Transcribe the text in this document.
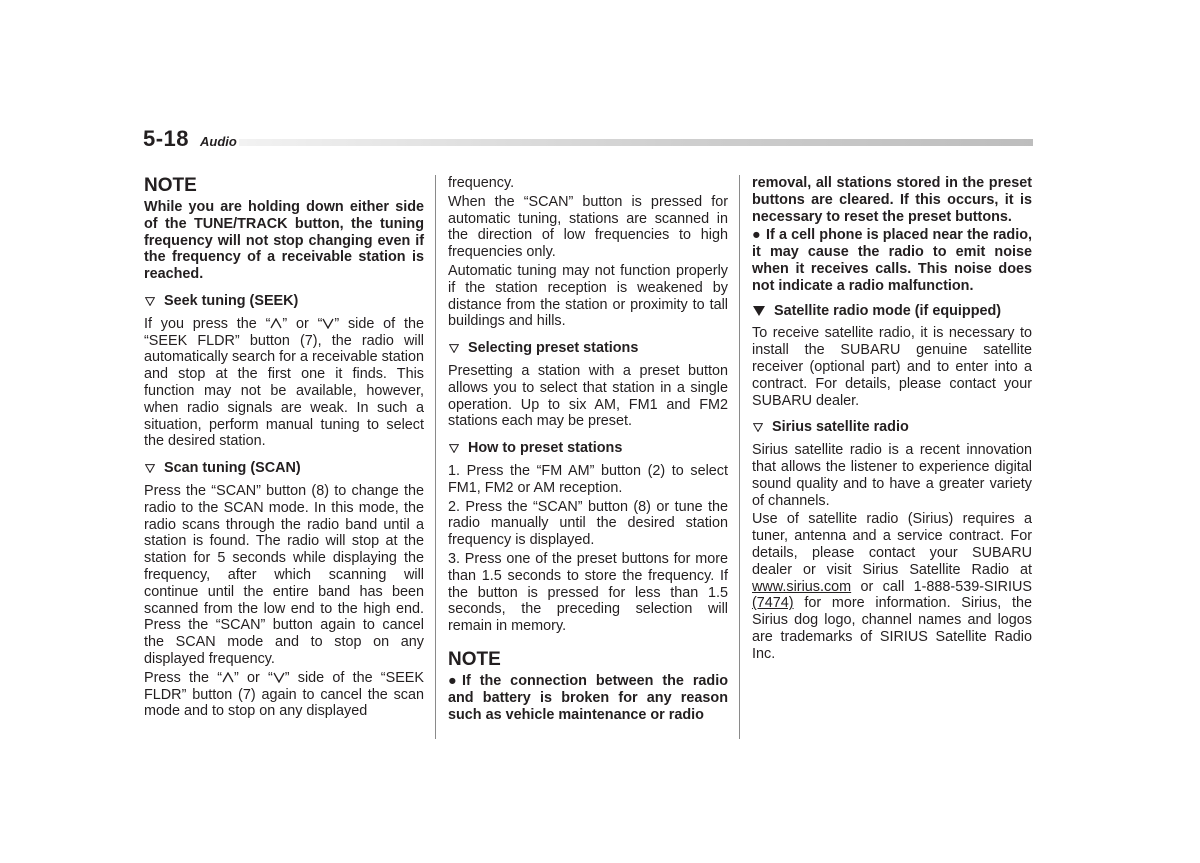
5-18 Audio
NOTE

While you are holding down either side of the TUNE/TRACK button, the tuning frequency will not stop changing even if the frequency of a receivable station is reached.

Seek tuning (SEEK)

If you press the “ ” or “ ” side of the “SEEK FLDR” button (7), the radio will automatically search for a receivable station and stop at the first one it finds. This function may not be available, however, when radio signals are weak. In such a situation, perform manual tuning to select the desired station.

Scan tuning (SCAN)

Press the “SCAN” button (8) to change the radio to the SCAN mode. In this mode, the radio scans through the radio band until a station is found. The radio will stop at the station for 5 seconds while displaying the frequency, after which scanning will continue until the entire band has been scanned from the low end to the high end. Press the “SCAN” button again to cancel the SCAN mode and to stop on any displayed frequency.

Press the “ ” or “ ” side of the “SEEK FLDR” button (7) again to cancel the scan mode and to stop on any displayed

frequency.

When the “SCAN” button is pressed for automatic tuning, stations are scanned in the direction of low frequencies to high frequencies only.

Automatic tuning may not function properly if the station reception is weakened by distance from the station or proximity to tall buildings and hills.

Selecting preset stations

Presetting a station with a preset button allows you to select that station in a single operation. Up to six AM, FM1 and FM2 stations each may be preset.

How to preset stations

1. Press the “FM AM” button (2) to select FM1, FM2 or AM reception.

2. Press the “SCAN” button (8) or tune the radio manually until the desired station frequency is displayed.

3. Press one of the preset buttons for more than 1.5 seconds to store the frequency. If the button is pressed for less than 1.5 seconds, the preceding selection will remain in memory.

NOTE

● If the connection between the radio and battery is broken for any reason such as vehicle maintenance or radio

removal, all stations stored in the preset buttons are cleared. If this occurs, it is necessary to reset the preset buttons.

● If a cell phone is placed near the radio, it may cause the radio to emit noise when it receives calls. This noise does not indicate a radio malfunction.

Satellite radio mode (if equipped)

To receive satellite radio, it is necessary to install the SUBARU genuine satellite receiver (optional part) and to enter into a contract. For details, please contact your SUBARU dealer.

Sirius satellite radio

Sirius satellite radio is a recent innovation that allows the listener to experience digital sound quality and to have a greater variety of channels.

Use of satellite radio (Sirius) requires a tuner, antenna and a service contract. For details, please contact your SUBARU dealer or visit Sirius Satellite Radio at www.sirius.com or call 1-888-539-SIRIUS (7474) for more information. Sirius, the Sirius dog logo, channel names and logos are trademarks of SIRIUS Satellite Radio Inc.
